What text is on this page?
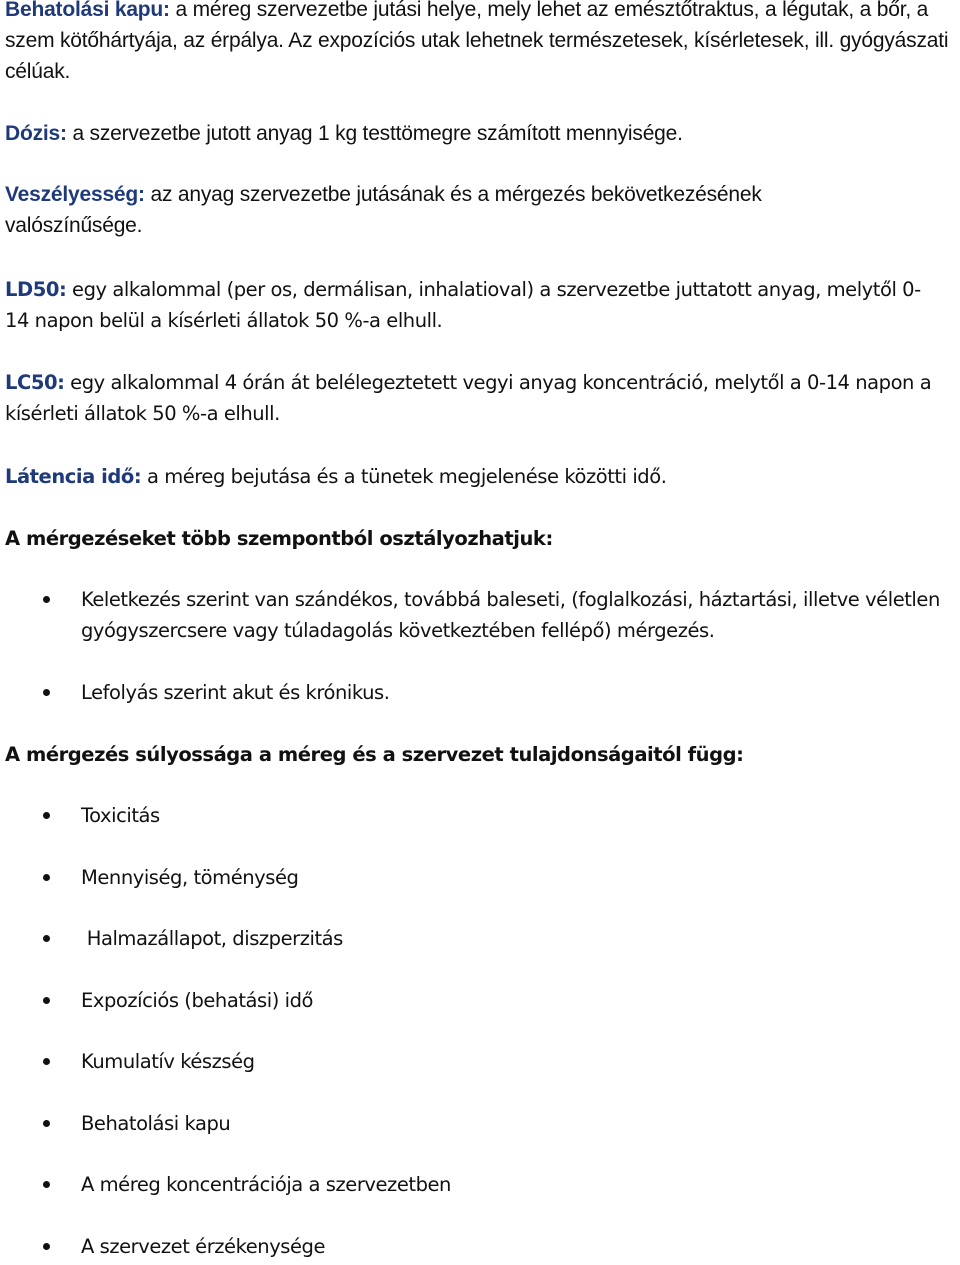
Behatolási kapu: a méreg szervezetbe jutási helye, mely lehet az emésztőtraktus, a légutak, a bőr, a szem kötőhártyája, az érpálya. Az expozíciós utak lehetnek természetesek, kísérletesek, ill. gyógyászati célúak.

Dózis: a szervezetbe jutott anyag 1 kg testtömegre számított mennyisége.

Veszélyesség: az anyag szervezetbe jutásának és a mérgezés bekövetkezésének valószínűsége.

LD50: egy alkalommal (per os, dermálisan, inhalatioval) a szervezetbe juttatott anyag, melytől 0-14 napon belül a kísérleti állatok 50 %-a elhull.

LC50: egy alkalommal 4 órán át belélegeztetett vegyi anyag koncentráció, melytől a 0-14 napon a kísérleti állatok 50 %-a elhull.

Látencia idő: a méreg bejutása és a tünetek megjelenése közötti idő.

A mérgezéseket több szempontból osztályozhatjuk:
Keletkezés szerint van szándékos, továbbá baleseti, (foglalkozási, háztartási, illetve véletlen gyógyszercsere vagy túladagolás következtében fellépő) mérgezés.
Lefolyás szerint akut és krónikus.
A mérgezés súlyossága a méreg és a szervezet tulajdonságaitól függ:
Toxicitás
Mennyiség, töménység
Halmazállapot, diszperzitás
Expozíciós (behatási) idő
Kumulatív készség
Behatolási kapu
A méreg koncentrációja a szervezetben
A szervezet érzékenysége
